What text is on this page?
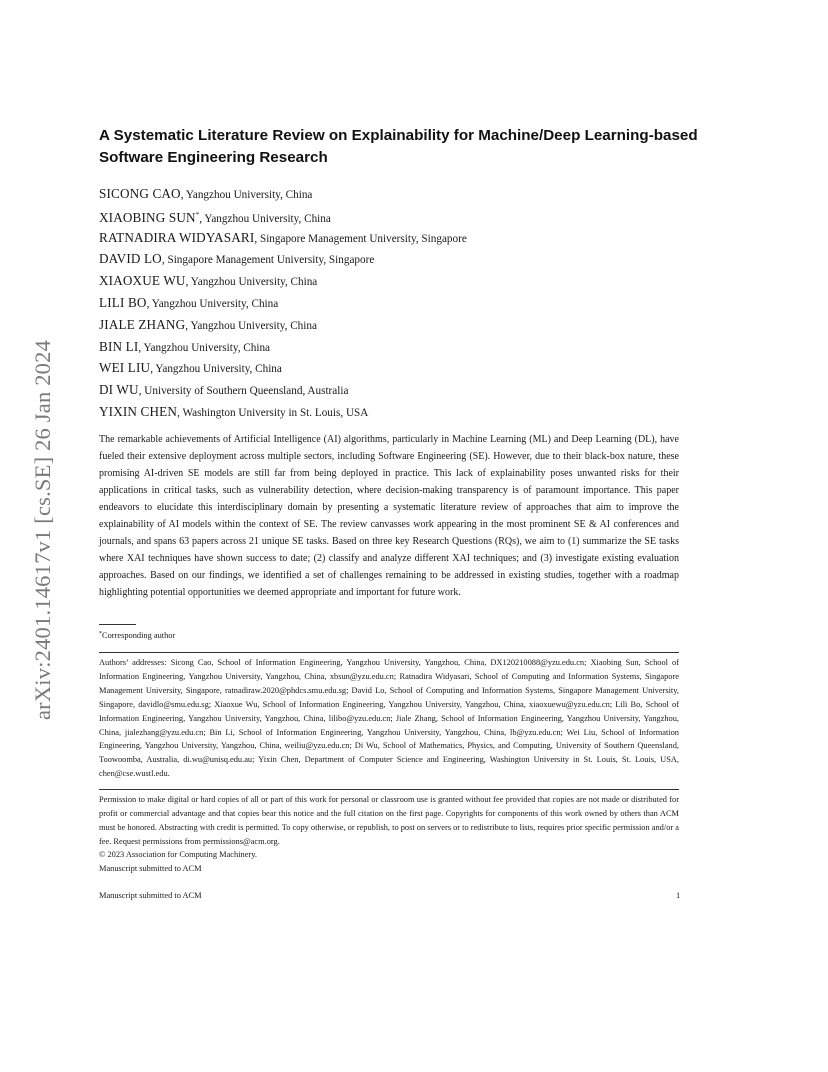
arXiv:2401.14617v1 [cs.SE] 26 Jan 2024
A Systematic Literature Review on Explainability for Machine/Deep Learning-based Software Engineering Research
SICONG CAO, Yangzhou University, China
XIAOBING SUN*, Yangzhou University, China
RATNADIRA WIDYASARI, Singapore Management University, Singapore
DAVID LO, Singapore Management University, Singapore
XIAOXUE WU, Yangzhou University, China
LILI BO, Yangzhou University, China
JIALE ZHANG, Yangzhou University, China
BIN LI, Yangzhou University, China
WEI LIU, Yangzhou University, China
DI WU, University of Southern Queensland, Australia
YIXIN CHEN, Washington University in St. Louis, USA

The remarkable achievements of Artificial Intelligence (AI) algorithms, particularly in Machine Learning (ML) and Deep Learning (DL), have fueled their extensive deployment across multiple sectors, including Software Engineering (SE). However, due to their black-box nature, these promising AI-driven SE models are still far from being deployed in practice. This lack of explainability poses unwanted risks for their applications in critical tasks, such as vulnerability detection, where decision-making transparency is of paramount importance. This paper endeavors to elucidate this interdisciplinary domain by presenting a systematic literature review of approaches that aim to improve the explainability of AI models within the context of SE. The review canvasses work appearing in the most prominent SE & AI conferences and journals, and spans 63 papers across 21 unique SE tasks. Based on three key Research Questions (RQs), we aim to (1) summarize the SE tasks where XAI techniques have shown success to date; (2) classify and analyze different XAI techniques; and (3) investigate existing evaluation approaches. Based on our findings, we identified a set of challenges remaining to be addressed in existing studies, together with a roadmap highlighting potential opportunities we deemed appropriate and important for future work.

*Corresponding author

Authors’ addresses: Sicong Cao, School of Information Engineering, Yangzhou University, Yangzhou, China, DX120210088@yzu.edu.cn; Xiaobing Sun, School of Information Engineering, Yangzhou University, Yangzhou, China, xbsun@yzu.edu.cn; Ratnadira Widyasari, School of Computing and Information Systems, Singapore Management University, Singapore, ratnadiraw.2020@phdcs.smu.edu.sg; David Lo, School of Computing and Information Systems, Singapore Management University, Singapore, davidlo@smu.edu.sg; Xiaoxue Wu, School of Information Engineering, Yangzhou University, Yangzhou, China, xiaoxuewu@yzu.edu.cn; Lili Bo, School of Information Engineering, Yangzhou University, Yangzhou, China, lilibo@yzu.edu.cn; Jiale Zhang, School of Information Engineering, Yangzhou University, Yangzhou, China, jialezhang@yzu.edu.cn; Bin Li, School of Information Engineering, Yangzhou University, Yangzhou, China, lb@yzu.edu.cn; Wei Liu, School of Information Engineering, Yangzhou University, Yangzhou, China, weiliu@yzu.edu.cn; Di Wu, School of Mathematics, Physics, and Computing, University of Southern Queensland, Toowoomba, Australia, di.wu@unisq.edu.au; Yixin Chen, Department of Computer Science and Engineering, Washington University in St. Louis, St. Louis, USA, chen@cse.wustl.edu.

Permission to make digital or hard copies of all or part of this work for personal or classroom use is granted without fee provided that copies are not made or distributed for profit or commercial advantage and that copies bear this notice and the full citation on the first page. Copyrights for components of this work owned by others than ACM must be honored. Abstracting with credit is permitted. To copy otherwise, or republish, to post on servers or to redistribute to lists, requires prior specific permission and/or a fee. Request permissions from permissions@acm.org.

© 2023 Association for Computing Machinery.
Manuscript submitted to ACM
Manuscript submitted to ACM	1
